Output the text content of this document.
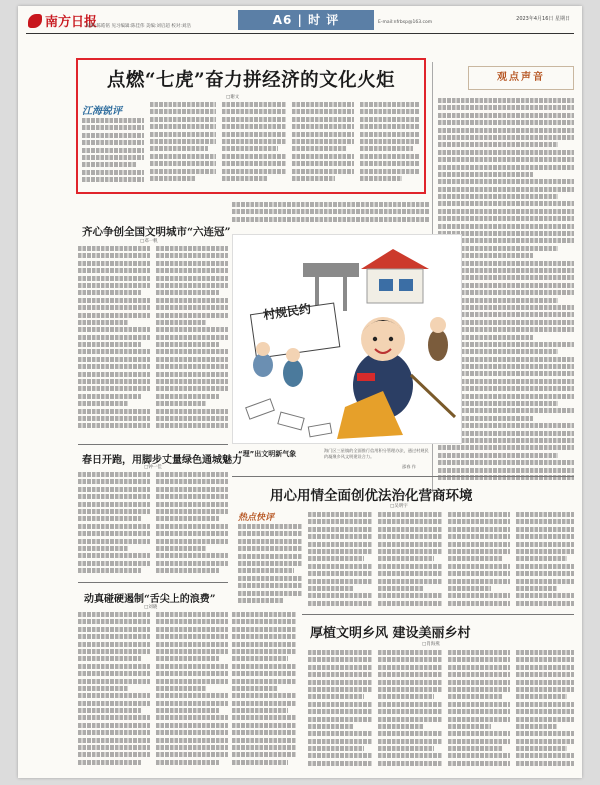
南方日报
编辑:陈皓铭 见习编辑:陈佳伟 美编:刘启超 校对:刘浩	A6 | 时 评	E-mail:nfrbsp@163.com
2023年4月16日 星期日
点燃“七虎”奋力拼经济的文化火炬
□谢文
江海锐评
观点声音
齐心争创全国文明城市“六连冠”
□邓一帆
村规民约
“理”出文明新气象	海门区三星镇的全面推行信用积分管理办法，通过村规民约凝聚乡风文明建设合力。
邵春 作
春日开跑，用脚步丈量绿色通城魅力
□钟一佳
用心用情全面创优法治化营商环境
□吴明宇
热点快评
动真碰硬遏制“舌尖上的浪费”
□刘晓
厚植文明乡风 建设美丽乡村
□肖海燕
